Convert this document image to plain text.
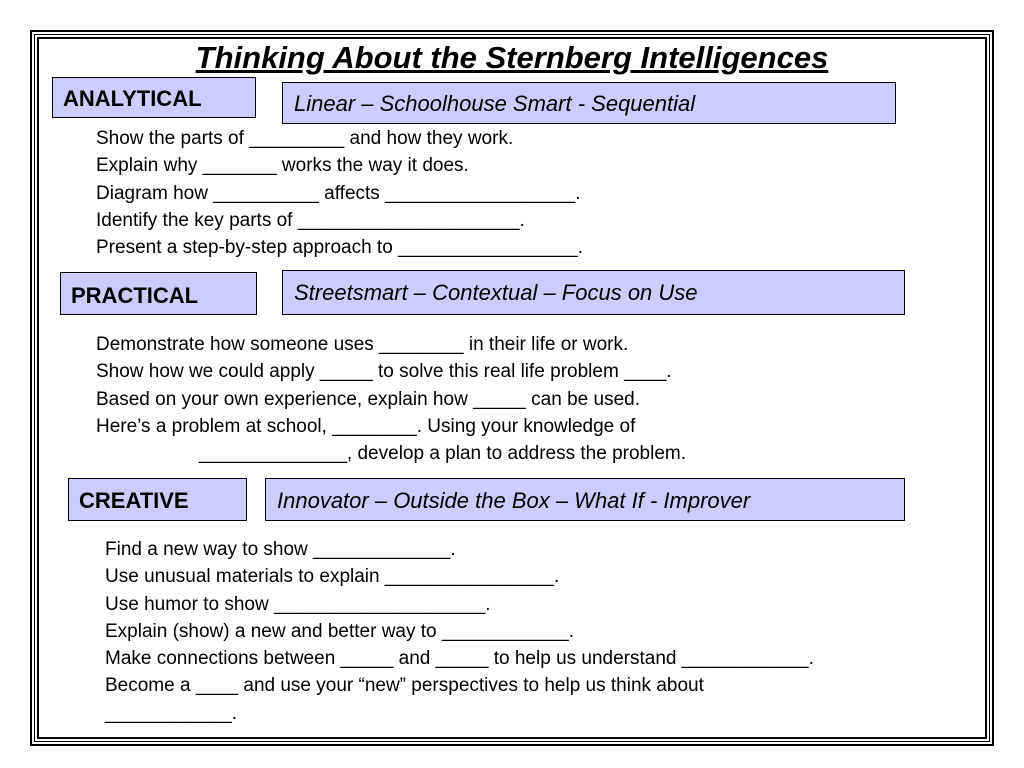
Thinking About the Sternberg Intelligences
ANALYTICAL	Linear – Schoolhouse Smart - Sequential
Show the parts of _________ and how they work.
Explain why _______ works the way it does.
Diagram how __________ affects __________________.
Identify the key parts of _____________________.
Present a step-by-step approach to _________________.
PRACTICAL	Streetsmart – Contextual – Focus on Use
Demonstrate how someone uses ________ in their life or work.
Show how we could apply _____ to solve this real life problem ____.
Based on your own experience, explain how _____ can be used.
Here’s a problem at school, ________. Using your knowledge of
______________, develop a plan to address the problem.
CREATIVE	Innovator – Outside the Box – What If - Improver
Find a new way to show _____________.
Use unusual materials to explain ________________.
Use humor to show ____________________.
Explain (show) a new and better way to ____________.
Make connections between _____ and _____ to help us understand ____________.
Become a ____ and use your “new” perspectives to help us think about
____________.
